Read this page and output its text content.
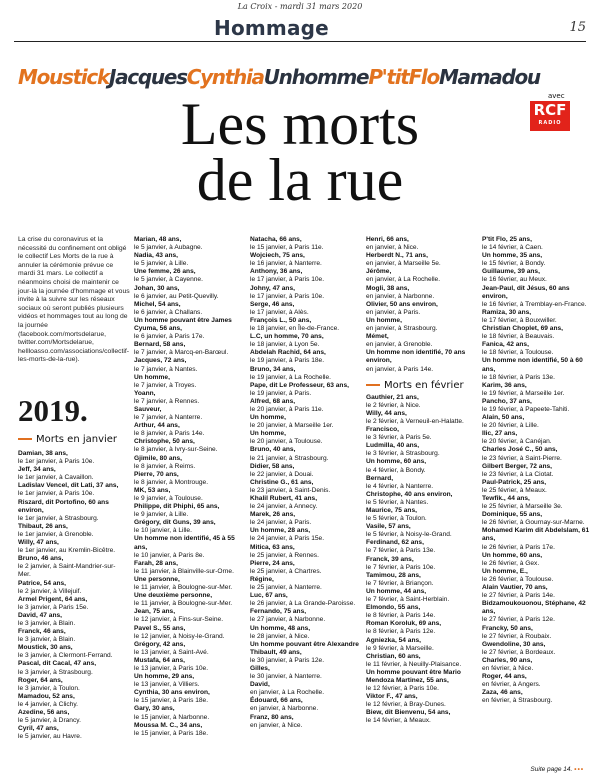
La Croix - mardi 31 mars 2020
Hommage	15
MoustickJacquesCynthiaUnhommeP'titFloMamadou
avec
RCF
RADIO
Les morts
de la rue
La crise du coronavirus et la nécessité du confinement ont obligé le collectif Les Morts de la rue à annuler la cérémonie prévue ce mardi 31 mars. Le collectif a néanmoins choisi de maintenir ce jour-là la journée d'hommage et vous invite à la suivre sur les réseaux sociaux où seront publiés plusieurs vidéos et hommages tout au long de la journée (facebook.com/mortsdelarue, twitter.com/Mortsdelarue, hellloasso.com/associations/collectif-les-morts-de-la-rue).
2019.
Morts en janvier
Damian, 38 ans,
le 1er janvier, à Paris 10e.
Jeff, 34 ans,
le 1er janvier, à Cavaillon.
Ladislav Vencel, dit Lati, 37 ans,
le 1er janvier, à Paris 10e.
Riszard, dit Portofino, 60 ans environ,
le 1er janvier, à Strasbourg.
Thibaut, 26 ans,
le 1er janvier, à Grenoble.
Willy, 47 ans,
le 1er janvier, au Kremlin-Bicêtre.
Bruno, 46 ans,
le 2 janvier, à Saint-Mandrier-sur-Mer.
Patrice, 54 ans,
le 2 janvier, à Villejuif.
Armel Prigent, 64 ans,
le 3 janvier, à Paris 15e.
David, 47 ans,
le 3 janvier, à Blain.
Franck, 46 ans,
le 3 janvier, à Blain.
Moustick, 30 ans,
le 3 janvier, à Clermont-Ferrand.
Pascal, dit Cacal, 47 ans,
le 3 janvier, à Strasbourg.
Roger, 64 ans,
le 3 janvier, à Toulon.
Mamadou, 52 ans,
le 4 janvier, à Clichy.
Azedine, 56 ans,
le 5 janvier, à Drancy.
Cyril, 47 ans,
le 5 janvier, au Havre.
Marian, 48 ans,
le 5 janvier, à Aubagne.
Nadia, 43 ans,
le 5 janvier, à Lille.
Une femme, 26 ans,
le 5 janvier, à Cayenne.
Johan, 30 ans,
le 6 janvier, au Petit-Quevilly.
Michel, 54 ans,
le 6 janvier, à Challans.
Un homme pouvant être James Cyuma, 56 ans,
le 6 janvier, à Paris 17e.
Bernard, 58 ans,
le 7 janvier, à Marcq-en-Barœul.
Jacques, 72 ans,
le 7 janvier, à Nantes.
Un homme,
le 7 janvier, à Troyes.
Yoann,
le 7 janvier, à Rennes.
Sauveur,
le 7 janvier, à Nanterre.
Arthur, 44 ans,
le 8 janvier, à Paris 14e.
Christophe, 50 ans,
le 8 janvier, à Ivry-sur-Seine.
Gjimile, 80 ans,
le 8 janvier, à Reims.
Pierre, 70 ans,
le 8 janvier, à Montrouge.
MK, 53 ans,
le 9 janvier, à Toulouse.
Philippe, dit Phiphi, 65 ans,
le 9 janvier, à Lille.
Grégory, dit Guns, 39 ans,
le 10 janvier, à Lille.
Un homme non identifié, 45 à 55 ans,
le 10 janvier, à Paris 8e.
Farah, 28 ans,
le 11 janvier, à Blainville-sur-Orne.
Une personne,
le 11 janvier, à Boulogne-sur-Mer.
Une deuxième personne,
le 11 janvier, à Boulogne-sur-Mer.
Jean, 75 ans,
le 12 janvier, à Fins-sur-Seine.
Pavel S., 55 ans,
le 12 janvier, à Noisy-le-Grand.
Grégory, 42 ans,
le 13 janvier, à Saint-Avé.
Mustafa, 64 ans,
le 13 janvier, à Paris 10e.
Un homme, 29 ans,
le 13 janvier, à Villiers.
Cynthia, 30 ans environ,
le 15 janvier, à Paris 18e.
Gary, 30 ans,
le 15 janvier, à Narbonne.
Moussa M. C., 34 ans,
le 15 janvier, à Paris 18e.
Natacha, 66 ans,
le 15 janvier, à Paris 11e.
Wojciech, 75 ans,
le 16 janvier, à Nanterre.
Anthony, 36 ans,
le 17 janvier, à Paris 10e.
Johny, 47 ans,
le 17 janvier, à Paris 10e.
Serge, 46 ans,
le 17 janvier, à Alès.
François L., 50 ans,
le 18 janvier, en Île-de-France.
L.C, un homme, 70 ans,
le 18 janvier, à Lyon 5e.
Abdelah Rachid, 64 ans,
le 19 janvier, à Paris 18e.
Bruno, 34 ans,
le 19 janvier, à La Rochelle.
Pape, dit Le Professeur, 63 ans,
le 19 janvier, à Paris.
Alfred, 68 ans,
le 20 janvier, à Paris 11e.
Un homme,
le 20 janvier, à Marseille 1er.
Un homme,
le 20 janvier, à Toulouse.
Bruno, 40 ans,
le 21 janvier, à Strasbourg.
Didier, 58 ans,
le 22 janvier, à Douai.
Christine G., 61 ans,
le 23 janvier, à Saint-Denis.
Khalil Rubert, 41 ans,
le 24 janvier, à Annecy.
Marek, 26 ans,
le 24 janvier, à Paris.
Un homme, 28 ans,
le 24 janvier, à Paris 15e.
Mitica, 63 ans,
le 25 janvier, à Rennes.
Pierre, 24 ans,
le 25 janvier, à Chartres.
Régine,
le 25 janvier, à Nanterre.
Luc, 67 ans,
le 26 janvier, à La Grande-Paroisse.
Fernando, 75 ans,
le 27 janvier, à Narbonne.
Un homme, 48 ans,
le 28 janvier, à Nice.
Un homme pouvant être Alexandre Thibault, 49 ans,
le 30 janvier, à Paris 12e.
Gilles,
le 30 janvier, à Nanterre.
David,
en janvier, à La Rochelle.
Édouard, 66 ans,
en janvier, à Narbonne.
Franz, 80 ans,
en janvier, à Nice.
Henri, 66 ans,
en janvier, à Nice.
Herberdt N., 71 ans,
en janvier, à Marseille 5e.
Jérôme,
en janvier, à La Rochelle.
Mogli, 38 ans,
en janvier, à Narbonne.
Olivier, 50 ans environ,
en janvier, à Paris.
Un homme,
en janvier, à Strasbourg.
Mémet,
en janvier, à Grenoble.
Un homme non identifié, 70 ans environ,
en janvier, à Paris 14e.
Morts en février
Gauthier, 21 ans,
le 2 février, à Nice.
Willy, 44 ans,
le 2 février, à Verneuil-en-Halatte.
Francisco,
le 3 février, à Paris 5e.
Ludmilla, 40 ans,
le 3 février, à Strasbourg.
Un homme, 60 ans,
le 4 février, à Bondy.
Bernard,
le 4 février, à Nanterre.
Christophe, 40 ans environ,
le 5 février, à Nantes.
Maurice, 75 ans,
le 5 février, à Toulon.
Vasile, 57 ans,
le 5 février, à Noisy-le-Grand.
Ferdinand, 62 ans,
le 7 février, à Paris 13e.
Franck, 39 ans,
le 7 février, à Paris 10e.
Tamimou, 28 ans,
le 7 février, à Briançon.
Un homme, 44 ans,
le 7 février, à Saint-Herblain.
Elmondo, 55 ans,
le 8 février, à Paris 14e.
Roman Koroluk, 69 ans,
le 8 février, à Paris 12e.
Agniezka, 54 ans,
le 9 février, à Marseille.
Christian, 60 ans,
le 11 février, à Neuilly-Plaisance.
Un homme pouvant être Mario Mendoza Martinez, 55 ans,
le 12 février, à Paris 10e.
Viktor F., 47 ans,
le 12 février, à Bray-Dunes.
Biew, dit Bienvenu, 54 ans,
le 14 février, à Meaux.
P'tit Flo, 25 ans,
le 14 février, à Caen.
Un homme, 35 ans,
le 15 février, à Bondy.
Guillaume, 39 ans,
le 16 février, au Meux.
Jean-Paul, dit Jésus, 60 ans environ,
le 16 février, à Tremblay-en-France.
Ramiza, 30 ans,
le 17 février, à Bouxwiller.
Christian Choplet, 69 ans,
le 18 février, à Beauvais.
Fanica, 42 ans,
le 18 février, à Toulouse.
Un homme non identifié, 50 à 60 ans,
le 18 février, à Paris 13e.
Karim, 36 ans,
le 19 février, à Marseille 1er.
Pancho, 37 ans,
le 19 février, à Papeete-Tahiti.
Alain, 50 ans,
le 20 février, à Lille.
Ilic, 27 ans,
le 20 février, à Canéjan.
Charles José C., 50 ans,
le 23 février, à Saint-Pierre.
Gilbert Berger, 72 ans,
le 23 février, à La Ciotat.
Paul-Patrick, 25 ans,
le 25 février, à Meaux.
Tewfik., 44 ans,
le 25 février, à Marseille 3e.
Dominique, 55 ans,
le 26 février, à Gournay-sur-Marne.
Mohamed Karim dit Abdelslam, 61 ans,
le 26 février, à Paris 17e.
Un homme, 60 ans,
le 26 février, à Gex.
Un homme, E.,
le 26 février, à Toulouse.
Alain Vautier, 70 ans,
le 27 février, à Paris 14e.
Bidzamoukouonou, Stéphane, 42 ans,
le 27 février, à Paris 12e.
Francky, 50 ans,
le 27 février, à Roubaix.
Gwendoline, 30 ans,
le 27 février, à Bordeaux.
Charles, 90 ans,
en février, à Nice.
Roger, 44 ans,
en février, à Angers.
Zaza, 46 ans,
en février, à Strasbourg.
Suite page 14. •••
